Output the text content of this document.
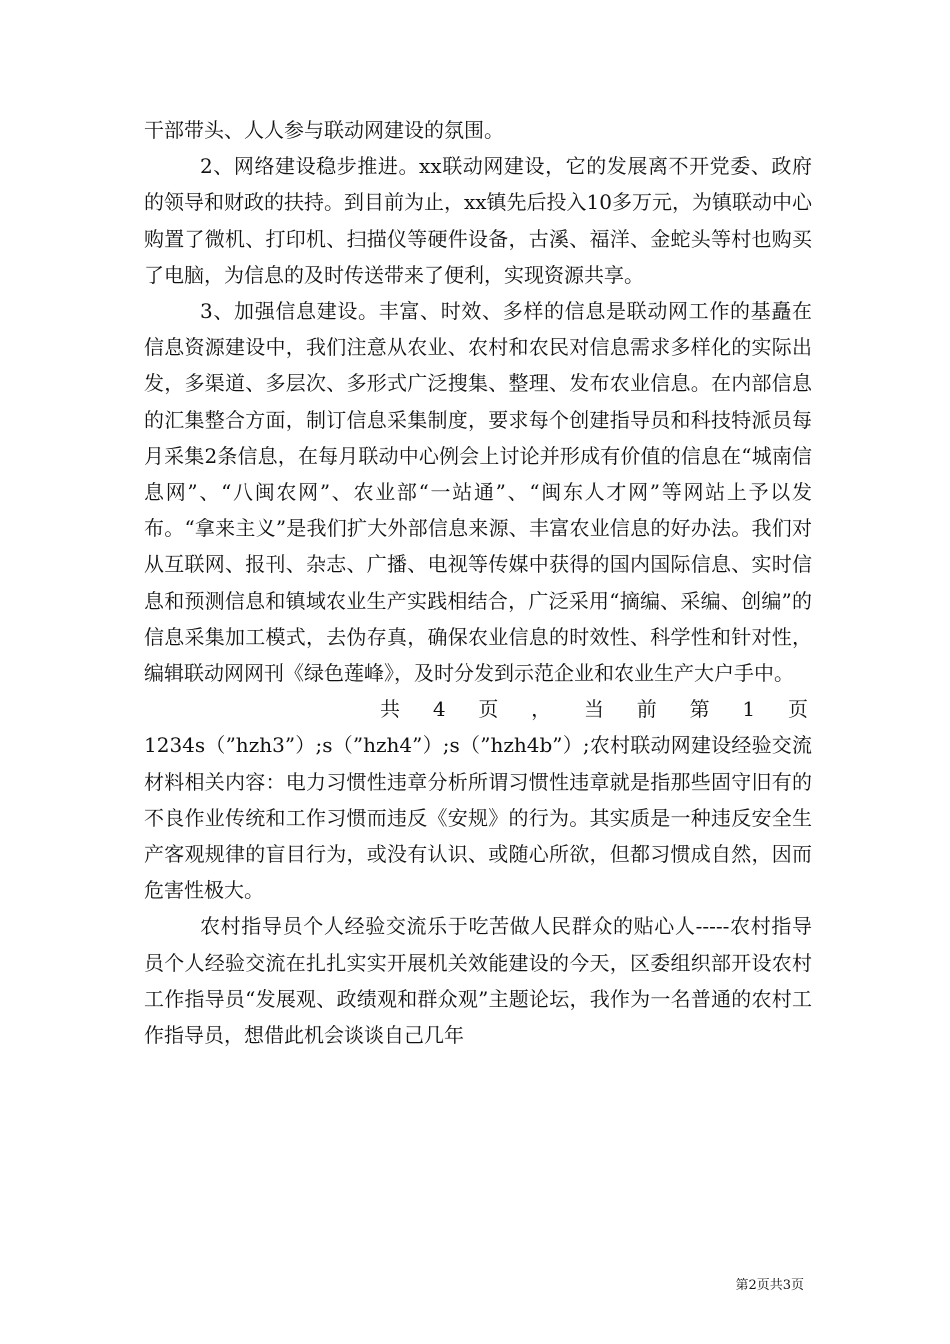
干部带头、人人参与联动网建设的氛围。

2、网络建设稳步推进。xx联动网建设，它的发展离不开党委、政府的领导和财政的扶持。到目前为止，xx镇先后投入10多万元，为镇联动中心购置了微机、打印机、扫描仪等硬件设备，古溪、福洋、金蛇头等村也购买了电脑，为信息的及时传送带来了便利，实现资源共享。

3、加强信息建设。丰富、时效、多样的信息是联动网工作的基矗在信息资源建设中，我们注意从农业、农村和农民对信息需求多样化的实际出发，多渠道、多层次、多形式广泛搜集、整理、发布农业信息。在内部信息的汇集整合方面，制订信息采集制度，要求每个创建指导员和科技特派员每月采集2条信息，在每月联动中心例会上讨论并形成有价值的信息在“城南信息网”、“八闽农网”、农业部“一站通”、“闽东人才网”等网站上予以发布。“拿来主义”是我们扩大外部信息来源、丰富农业信息的好办法。我们对从互联网、报刊、杂志、广播、电视等传媒中获得的国内国际信息、实时信息和预测信息和镇域农业生产实践相结合，广泛采用“摘编、采编、创编”的信息采集加工模式，去伪存真，确保农业信息的时效性、科学性和针对性，编辑联动网网刊《绿色莲峰》，及时分发到示范企业和农业生产大户手中。

共 4 页 ， 当 前 第 1 页

1234s（”hzh3”）;s（”hzh4”）;s（”hzh4b”）;农村联动网建设经验交流材料相关内容：电力习惯性违章分析所谓习惯性违章就是指那些固守旧有的不良作业传统和工作习惯而违反《安规》的行为。其实质是一种违反安全生产客观规律的盲目行为，或没有认识、或随心所欲，但都习惯成自然，因而危害性极大。

农村指导员个人经验交流乐于吃苦做人民群众的贴心人-----农村指导员个人经验交流在扎扎实实开展机关效能建设的今天，区委组织部开设农村工作指导员“发展观、政绩观和群众观”主题论坛，我作为一名普通的农村工作指导员，想借此机会谈谈自己几年

第2页共3页
